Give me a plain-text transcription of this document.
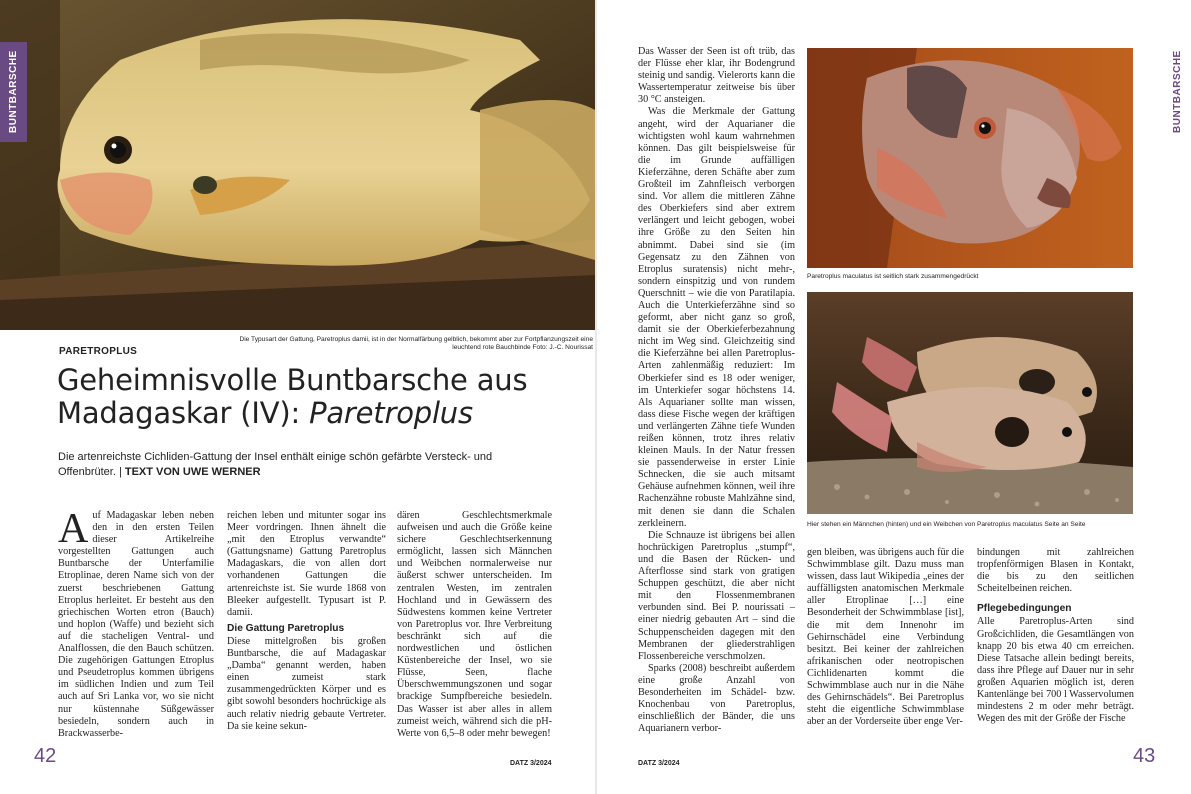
BUNTBARSCHE
Die Typusart der Gattung, Paretroplus damii, ist in der Normalfärbung gelblich, bekommt aber zur Fortpflanzungszeit eine leuchtend rote Bauchbinde Foto: J.-C. Nourissat
PARETROPLUS
Geheimnisvolle Buntbarsche aus
Madagaskar (IV): Paretroplus
Die artenreichste Cichliden-Gattung der Insel enthält einige schön gefärbte Versteck- und Offenbrüter. | TEXT VON UWE WERNER

Auf Madagaskar leben neben den in den ersten Teilen dieser Artikelreihe vorgestellten Gattungen auch Buntbarsche der Unterfamilie Etroplinae, deren Name sich von der zuerst beschriebenen Gattung Etroplus herleitet. Er besteht aus den griechischen Worten etron (Bauch) und hoplon (Waffe) und bezieht sich auf die stacheligen Ventral- und Analflossen, die den Bauch schützen. Die zugehörigen Gattungen Etroplus und Pseudetroplus kommen übrigens im südlichen Indien und zum Teil auch auf Sri Lanka vor, wo sie nicht nur küstennahe Süßgewässer besiedeln, sondern auch in Brackwasserbe-

reichen leben und mitunter sogar ins Meer vordringen. Ihnen ähnelt die „mit den Etroplus verwandte“ (Gattungsname) Gattung Paretroplus Madagaskars, die von allen dort vorhandenen Gattungen die artenreichste ist. Sie wurde 1868 von Bleeker aufgestellt. Typusart ist P. damii.

Die Gattung Paretroplus

Diese mittelgroßen bis großen Buntbarsche, die auf Madagaskar „Damba“ genannt werden, haben einen zumeist stark zusammengedrückten Körper und es gibt sowohl besonders hochrückige als auch relativ niedrig gebaute Vertreter. Da sie keine sekun-

dären Geschlechtsmerkmale aufweisen und auch die Größe keine sichere Geschlechtserkennung ermöglicht, lassen sich Männchen und Weibchen normalerweise nur äußerst schwer unterscheiden. Im zentralen Westen, im zentralen Hochland und in Gewässern des Südwestens kommen keine Vertreter von Paretroplus vor. Ihre Verbreitung beschränkt sich auf die nordwestlichen und östlichen Küstenbereiche der Insel, wo sie Flüsse, Seen, flache Überschwemmungszonen und sogar brackige Sumpfbereiche besiedeln. Das Wasser ist aber alles in allem zumeist weich, während sich die pH-Werte von 6,5–8 oder mehr bewegen!

42	DATZ 3/2024

Das Wasser der Seen ist oft trüb, das der Flüsse eher klar, ihr Bodengrund steinig und sandig. Vielerorts kann die Wassertemperatur zeitweise bis über 30 °C ansteigen.

Was die Merkmale der Gattung angeht, wird der Aquarianer die wichtigsten wohl kaum wahrnehmen können. Das gilt beispielsweise für die im Grunde auffälligen Kieferzähne, deren Schäfte aber zum Großteil im Zahnfleisch verborgen sind. Vor allem die mittleren Zähne des Oberkiefers sind aber extrem verlängert und leicht gebogen, wobei ihre Größe zu den Seiten hin abnimmt. Dabei sind sie (im Gegensatz zu den Zähnen von Etroplus suratensis) nicht mehr-, sondern einspitzig und von rundem Querschnitt – wie die von Paratilapia. Auch die Unterkieferzähne sind so geformt, aber nicht ganz so groß, damit sie der Oberkieferbezahnung nicht im Weg sind. Gleichzeitig sind die Kieferzähne bei allen Paretroplus-Arten zahlenmäßig reduziert: Im Oberkiefer sind es 18 oder weniger, im Unterkiefer sogar höchstens 14. Als Aquarianer sollte man wissen, dass diese Fische wegen der kräftigen und verlängerten Zähne tiefe Wunden reißen können, trotz ihres relativ kleinen Mauls. In der Natur fressen sie passenderweise in erster Linie Schnecken, die sie auch mitsamt Gehäuse aufnehmen können, weil ihre Rachenzähne robuste Mahlzähne sind, mit denen sie dann die Schalen zerkleinern.

Die Schnauze ist übrigens bei allen hochrückigen Paretroplus „stumpf“, und die Basen der Rücken- und Afterflosse sind stark von gratigen Schuppen geschützt, die aber nicht mit den Flossenmembranen verbunden sind. Bei P. nourissati – einer niedrig gebauten Art – sind die Schuppenscheiden dagegen mit den Membranen der gliederstrahligen Flossenbereiche verschmolzen.

Sparks (2008) beschreibt außerdem eine große Anzahl von Besonderheiten im Schädel- bzw. Knochenbau von Paretroplus, einschließlich der Bänder, die uns Aquarianern verbor-

Paretroplus maculatus ist seitlich stark zusammengedrückt
Hier stehen ein Männchen (hinten) und ein Weibchen von Paretroplus maculatus Seite an Seite
BUNTBARSCHE

gen bleiben, was übrigens auch für die Schwimmblase gilt. Dazu muss man wissen, dass laut Wikipedia „eines der auffälligsten anatomischen Merkmale aller Etroplinae […] eine Besonderheit der Schwimmblase [ist], die mit dem Innenohr im Gehirnschädel eine Verbindung besitzt. Bei keiner der zahlreichen afrikanischen oder neotropischen Cichlidenarten kommt die Schwimmblase auch nur in die Nähe des Gehirnschädels“. Bei Paretroplus steht die eigentliche Schwimmblase aber an der Vorderseite über enge Ver-

bindungen mit zahlreichen tropfenförmigen Blasen in Kontakt, die bis zu den seitlichen Scheitelbeinen reichen.

Pflegebedingungen

Alle Paretroplus-Arten sind Großcichliden, die Gesamtlängen von knapp 20 bis etwa 40 cm erreichen. Diese Tatsache allein bedingt bereits, dass ihre Pflege auf Dauer nur in sehr großen Aquarien möglich ist, deren Kantenlänge bei 700 l Wasservolumen mindestens 2 m oder mehr beträgt. Wegen des mit der Größe der Fische

DATZ 3/2024	43
